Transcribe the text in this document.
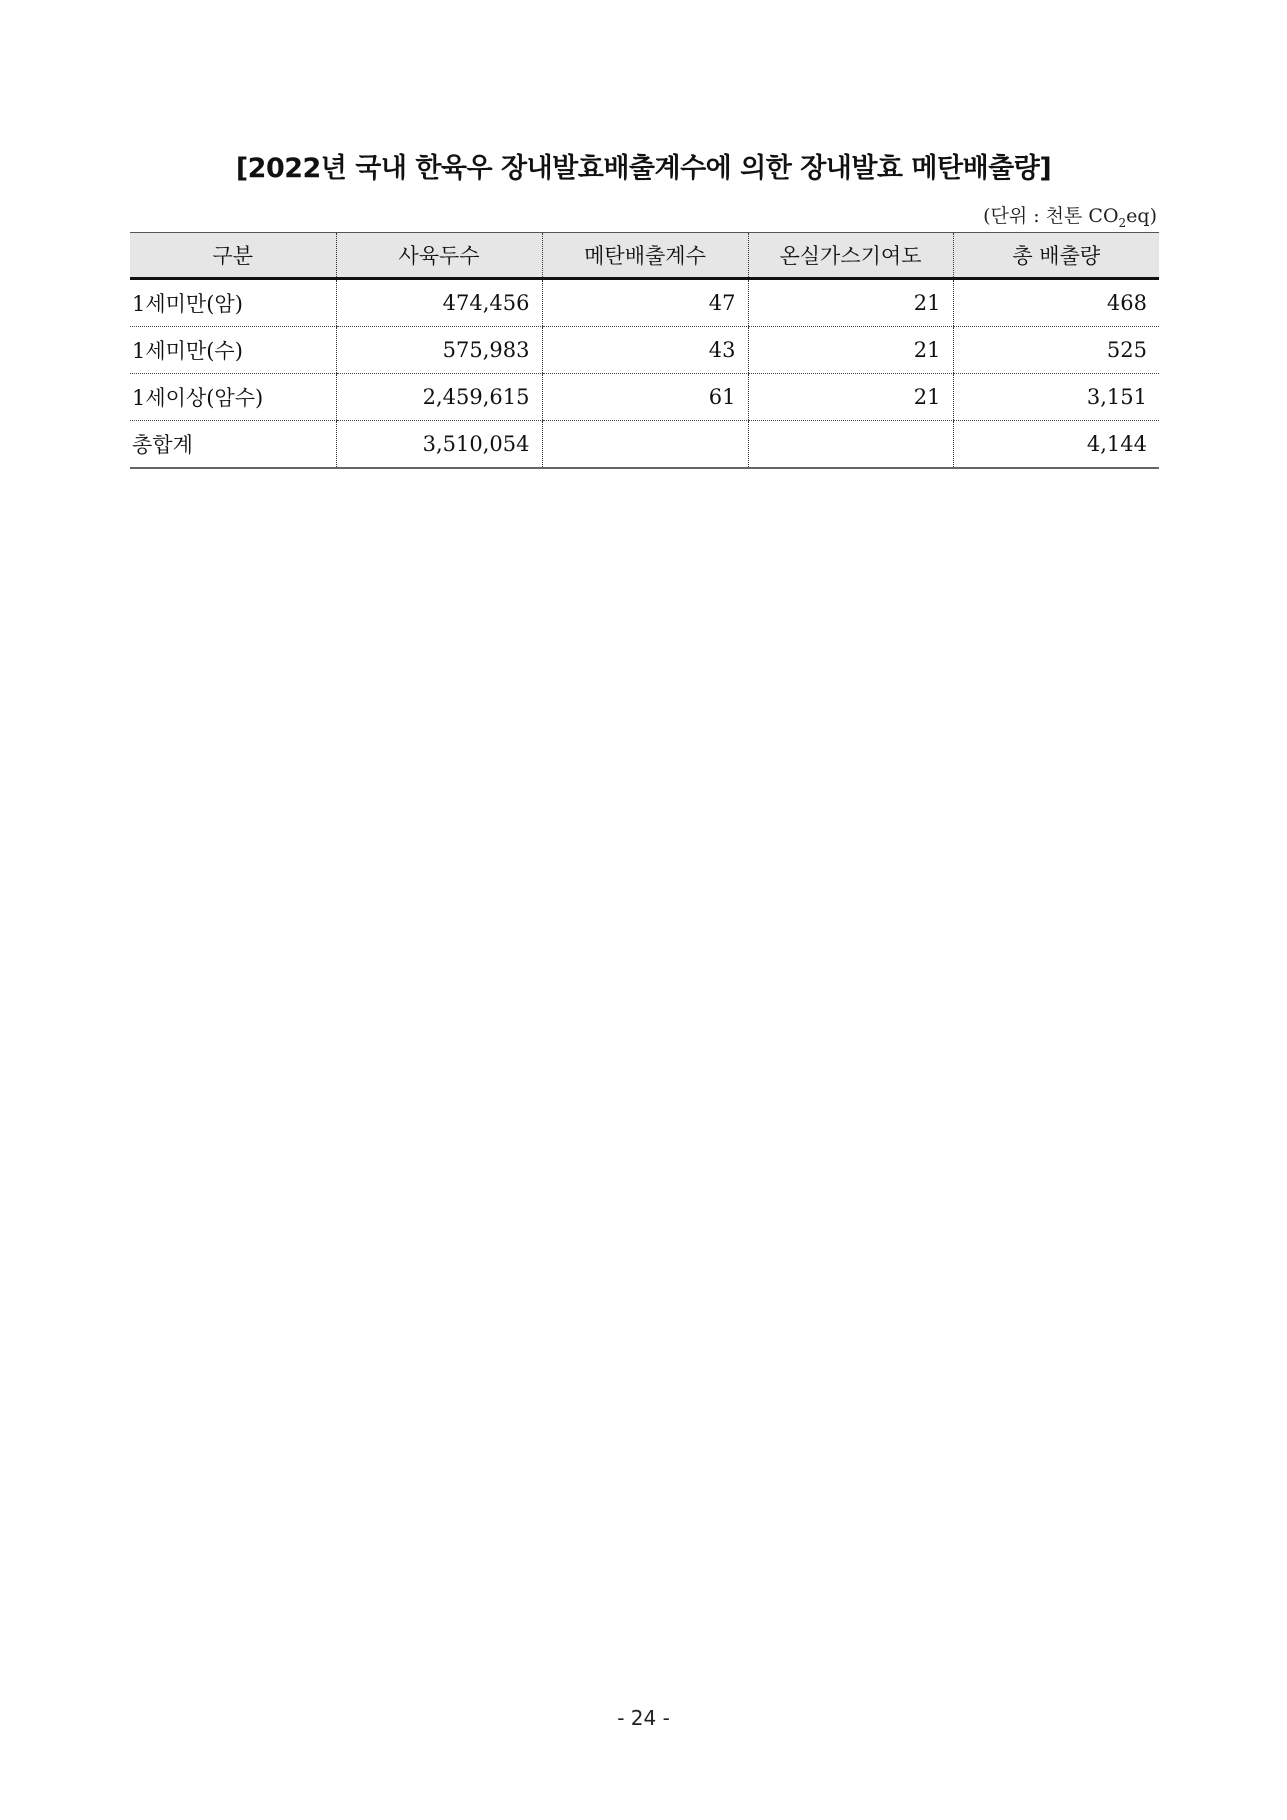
[2022년 국내 한육우 장내발효배출계수에 의한 장내발효 메탄배출량]
(단위 : 천톤 $CO_2eq$)
구분	사육두수	메탄배출계수	온실가스기여도	총 배출량
1세미만(암)	474,456	47	21	468
1세미만(수)	575,983	43	21	525
1세이상(암수)	2,459,615	61	21	3,151
총합계	3,510,054			4,144
- 24 -
